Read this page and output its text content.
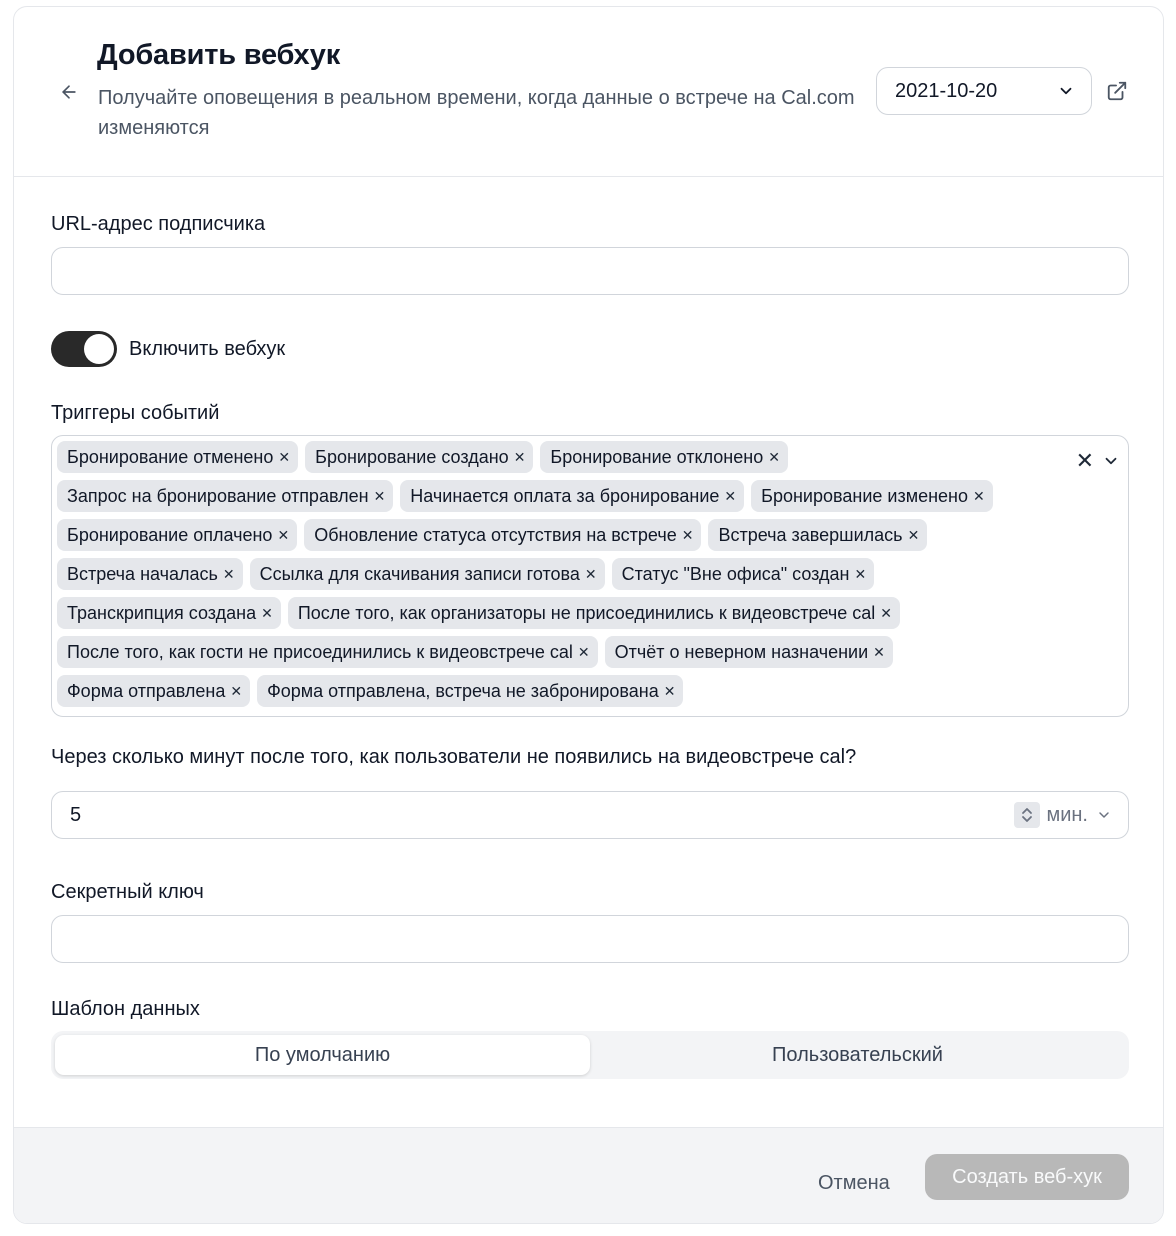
Добавить вебхук
Получайте оповещения в реальном времени, когда данные о встрече на Cal.com изменяются
2021-10-20
URL-адрес подписчика
Включить вебхук
Триггеры событий
Бронирование отменено ✕ Бронирование создано ✕ Бронирование отклонено ✕
Запрос на бронирование отправлен ✕ Начинается оплата за бронирование ✕ Бронирование изменено ✕
Бронирование оплачено ✕ Обновление статуса отсутствия на встрече ✕ Встреча завершилась ✕
Встреча началась ✕ Ссылка для скачивания записи готова ✕ Статус "Вне офиса" создан ✕
Транскрипция создана ✕ После того, как организаторы не присоединились к видеовстрече cal ✕
После того, как гости не присоединились к видеовстрече cal ✕ Отчёт о неверном назначении ✕
Форма отправлена ✕ Форма отправлена, встреча не забронирована ✕
✕
Через сколько минут после того, как пользователи не появились на видеовстрече cal?
5	мин.
Секретный ключ
Шаблон данных
По умолчанию	Пользовательский
Отмена	Создать веб-хук
